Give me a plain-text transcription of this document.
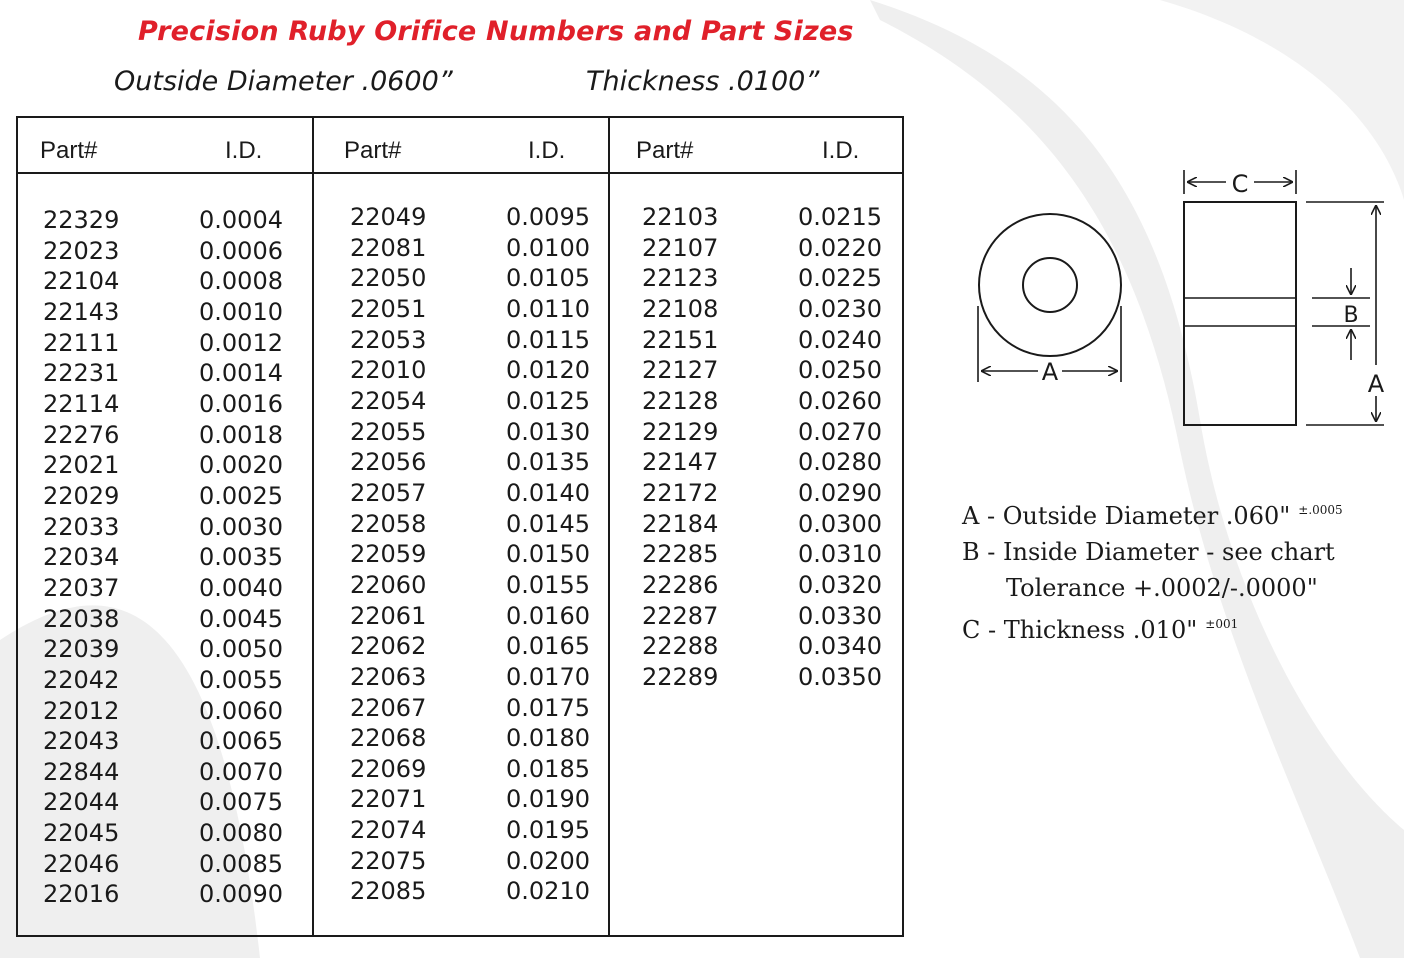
Precision Ruby Orifice Numbers and Part Sizes
Outside Diameter .0600”	Thickness .0100”
Part#	I.D.
22329	0.0004
22023	0.0006
22104	0.0008
22143	0.0010
22111	0.0012
22231	0.0014
22114	0.0016
22276	0.0018
22021	0.0020
22029	0.0025
22033	0.0030
22034	0.0035
22037	0.0040
22038	0.0045
22039	0.0050
22042	0.0055
22012	0.0060
22043	0.0065
22844	0.0070
22044	0.0075
22045	0.0080
22046	0.0085
22016	0.0090
Part#	I.D.
22049	0.0095
22081	0.0100
22050	0.0105
22051	0.0110
22053	0.0115
22010	0.0120
22054	0.0125
22055	0.0130
22056	0.0135
22057	0.0140
22058	0.0145
22059	0.0150
22060	0.0155
22061	0.0160
22062	0.0165
22063	0.0170
22067	0.0175
22068	0.0180
22069	0.0185
22071	0.0190
22074	0.0195
22075	0.0200
22085	0.0210
Part#	I.D.
22103	0.0215
22107	0.0220
22123	0.0225
22108	0.0230
22151	0.0240
22127	0.0250
22128	0.0260
22129	0.0270
22147	0.0280
22172	0.0290
22184	0.0300
22285	0.0310
22286	0.0320
22287	0.0330
22288	0.0340
22289	0.0350
A
C
B
A
A - Outside Diameter .060" $^{\pm.0005}$
B - Inside Diameter - see chart
Tolerance +.0002/-.0000"
C - Thickness .010" $^{\pm 001}$
